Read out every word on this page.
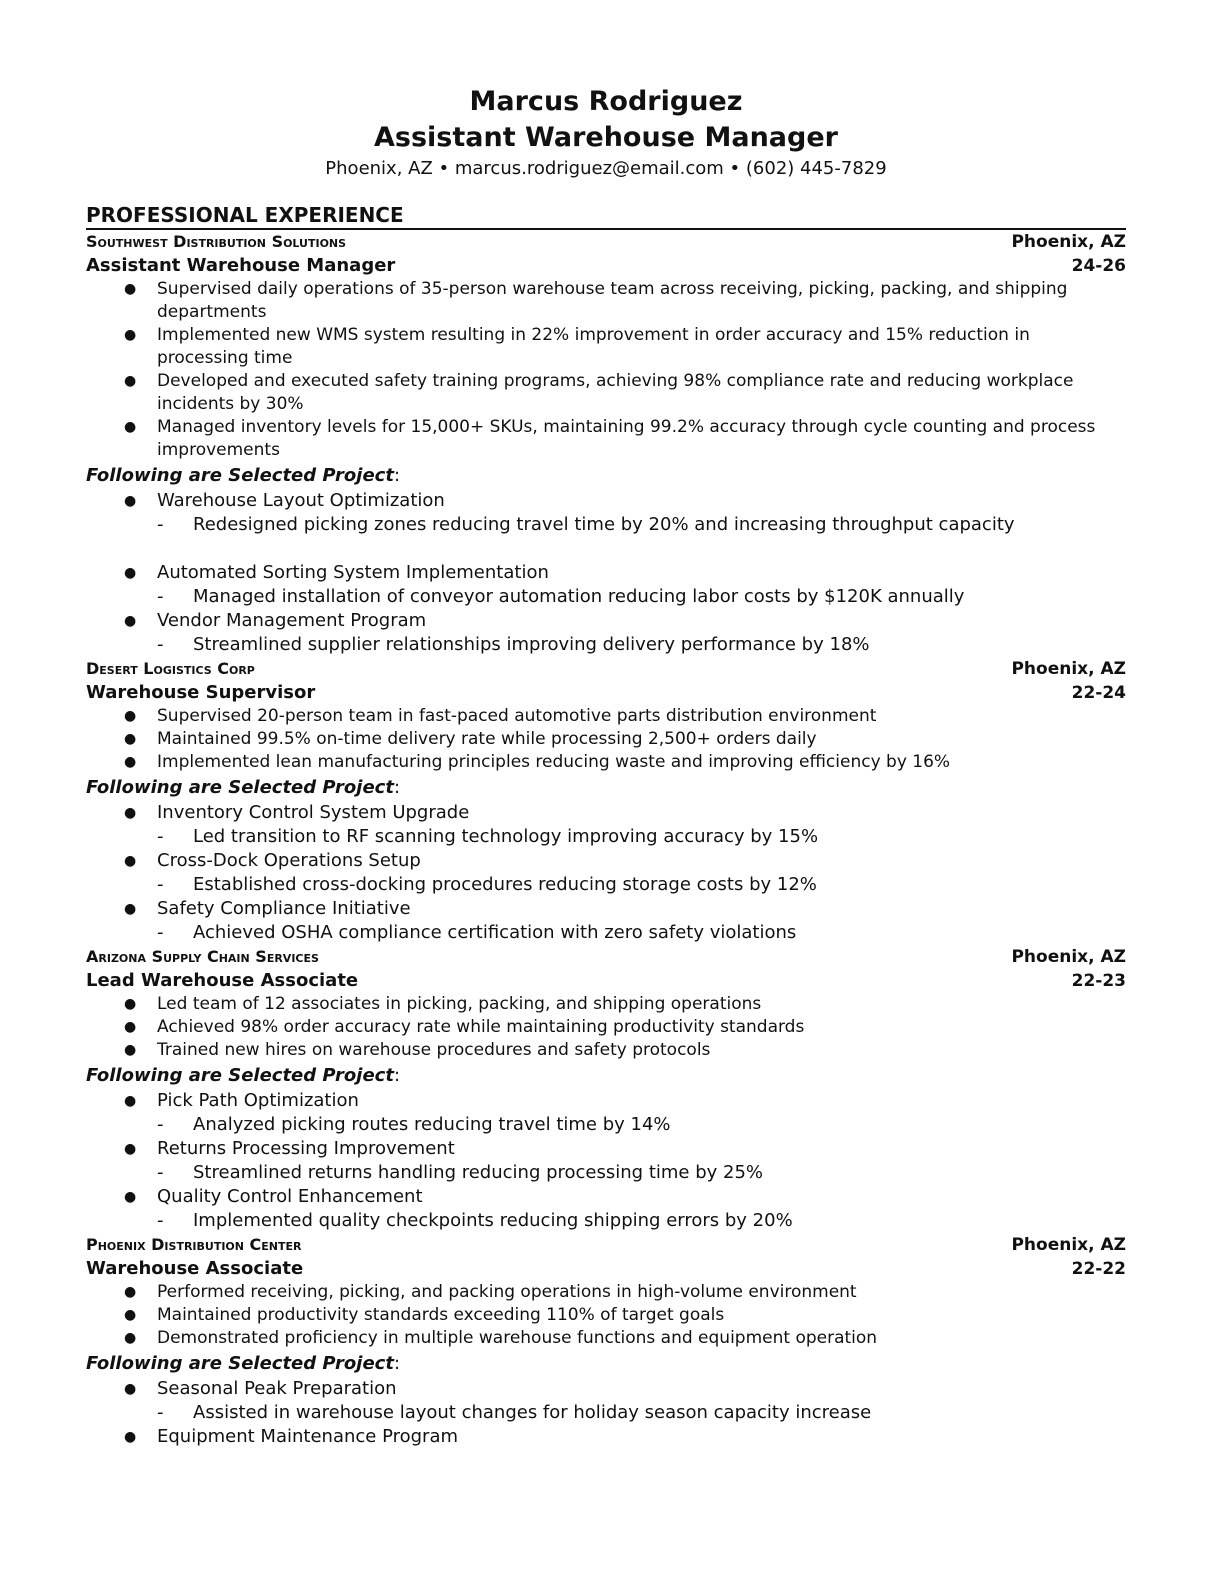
Marcus Rodriguez
Assistant Warehouse Manager
Phoenix, AZ • marcus.rodriguez@email.com • (602) 445-7829
PROFESSIONAL EXPERIENCE
Southwest Distribution Solutions	Phoenix, AZ
Assistant Warehouse Manager	24-26
● Supervised daily operations of 35-person warehouse team across receiving, picking, packing, and shipping departments
● Implemented new WMS system resulting in 22% improvement in order accuracy and 15% reduction in processing time
● Developed and executed safety training programs, achieving 98% compliance rate and reducing workplace incidents by 30%
● Managed inventory levels for 15,000+ SKUs, maintaining 99.2% accuracy through cycle counting and process improvements
Following are Selected Project:
● Warehouse Layout Optimization
- Redesigned picking zones reducing travel time by 20% and increasing throughput capacity
● Automated Sorting System Implementation
- Managed installation of conveyor automation reducing labor costs by $120K annually
● Vendor Management Program
- Streamlined supplier relationships improving delivery performance by 18%
Desert Logistics Corp	Phoenix, AZ
Warehouse Supervisor	22-24
● Supervised 20-person team in fast-paced automotive parts distribution environment
● Maintained 99.5% on-time delivery rate while processing 2,500+ orders daily
● Implemented lean manufacturing principles reducing waste and improving efficiency by 16%
Following are Selected Project:
● Inventory Control System Upgrade
- Led transition to RF scanning technology improving accuracy by 15%
● Cross-Dock Operations Setup
- Established cross-docking procedures reducing storage costs by 12%
● Safety Compliance Initiative
- Achieved OSHA compliance certification with zero safety violations
Arizona Supply Chain Services	Phoenix, AZ
Lead Warehouse Associate	22-23
● Led team of 12 associates in picking, packing, and shipping operations
● Achieved 98% order accuracy rate while maintaining productivity standards
● Trained new hires on warehouse procedures and safety protocols
Following are Selected Project:
● Pick Path Optimization
- Analyzed picking routes reducing travel time by 14%
● Returns Processing Improvement
- Streamlined returns handling reducing processing time by 25%
● Quality Control Enhancement
- Implemented quality checkpoints reducing shipping errors by 20%
Phoenix Distribution Center	Phoenix, AZ
Warehouse Associate	22-22
● Performed receiving, picking, and packing operations in high-volume environment
● Maintained productivity standards exceeding 110% of target goals
● Demonstrated proficiency in multiple warehouse functions and equipment operation
Following are Selected Project:
● Seasonal Peak Preparation
- Assisted in warehouse layout changes for holiday season capacity increase
● Equipment Maintenance Program
